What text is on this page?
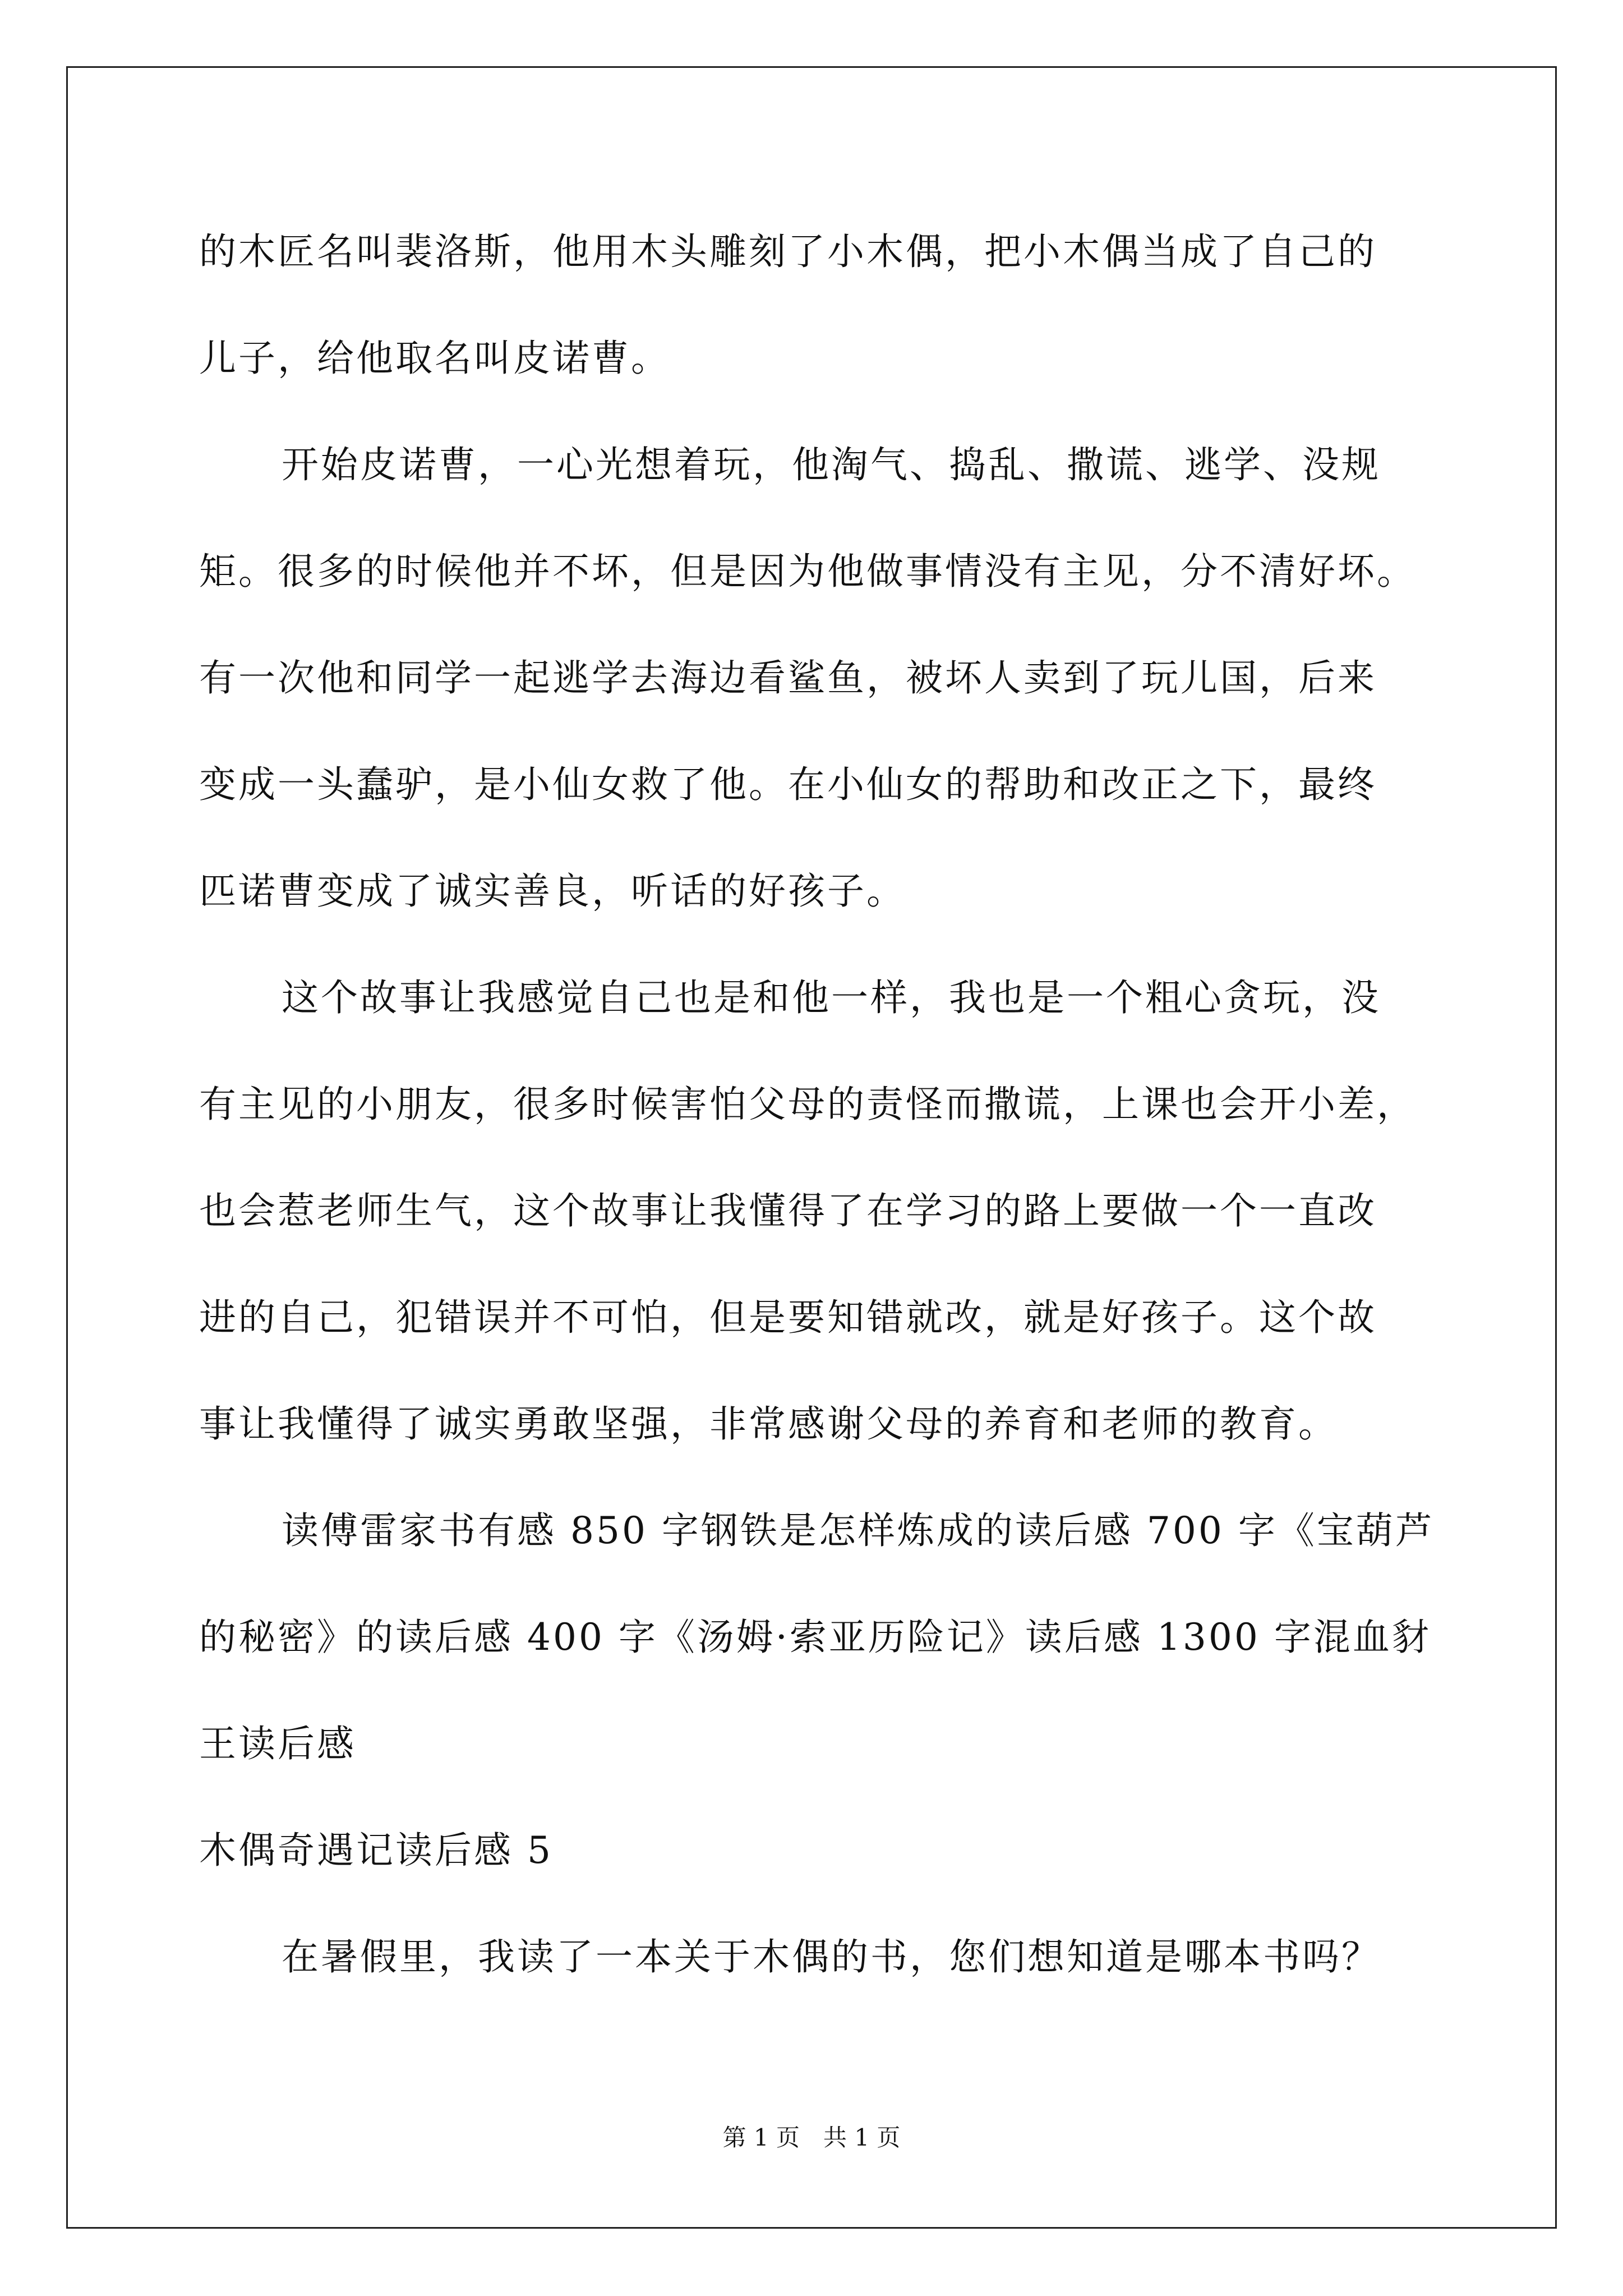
的木匠名叫裴洛斯，他用木头雕刻了小木偶，把小木偶当成了自己的
儿子，给他取名叫皮诺曹。
开始皮诺曹，一心光想着玩，他淘气、捣乱、撒谎、逃学、没规
矩。很多的时候他并不坏，但是因为他做事情没有主见，分不清好坏。
有一次他和同学一起逃学去海边看鲨鱼，被坏人卖到了玩儿国，后来
变成一头蠢驴，是小仙女救了他。在小仙女的帮助和改正之下，最终
匹诺曹变成了诚实善良，听话的好孩子。
这个故事让我感觉自己也是和他一样，我也是一个粗心贪玩，没
有主见的小朋友，很多时候害怕父母的责怪而撒谎，上课也会开小差，
也会惹老师生气，这个故事让我懂得了在学习的路上要做一个一直改
进的自己，犯错误并不可怕，但是要知错就改，就是好孩子。这个故
事让我懂得了诚实勇敢坚强，非常感谢父母的养育和老师的教育。
读傅雷家书有感 850 字钢铁是怎样炼成的读后感 700 字《宝葫芦
的秘密》的读后感 400 字《汤姆·索亚历险记》读后感 1300 字混血豺
王读后感
木偶奇遇记读后感 5
在暑假里，我读了一本关于木偶的书，您们想知道是哪本书吗？
第 1 页　共 1 页
